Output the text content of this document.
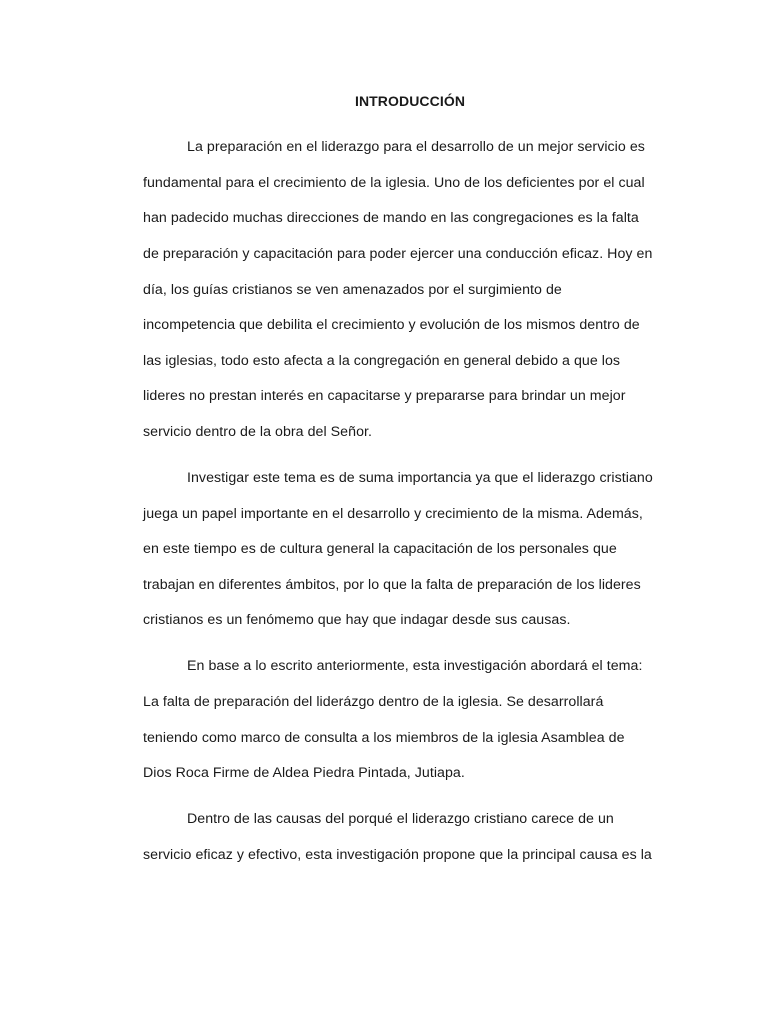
INTRODUCCIÓN
La preparación en el liderazgo para el desarrollo de un mejor servicio es
fundamental para el crecimiento de la iglesia. Uno de los deficientes por el cual
han padecido muchas direcciones de mando en las congregaciones es la falta
de preparación y capacitación para poder ejercer una conducción eficaz. Hoy en
día, los guías cristianos se ven amenazados por el surgimiento de
incompetencia que debilita el crecimiento y evolución de los mismos dentro de
las iglesias, todo esto afecta a la congregación en general debido a que los
lideres no prestan interés en capacitarse y prepararse para brindar un mejor
servicio dentro de la obra del Señor.
Investigar este tema es de suma importancia ya que el liderazgo cristiano
juega un papel importante en el desarrollo y crecimiento de la misma. Además,
en este tiempo es de cultura general la capacitación de los personales que
trabajan en diferentes ámbitos, por lo que la falta de preparación de los lideres
cristianos es un fenómemo que hay que indagar desde sus causas.
En base a lo escrito anteriormente, esta investigación abordará el tema:
La falta de preparación del liderázgo dentro de la iglesia. Se desarrollará
teniendo como marco de consulta a los miembros de la iglesia Asamblea de
Dios Roca Firme de Aldea Piedra Pintada, Jutiapa.
Dentro de las causas del porqué el liderazgo cristiano carece de un
servicio eficaz y efectivo, esta investigación propone que la principal causa es la
